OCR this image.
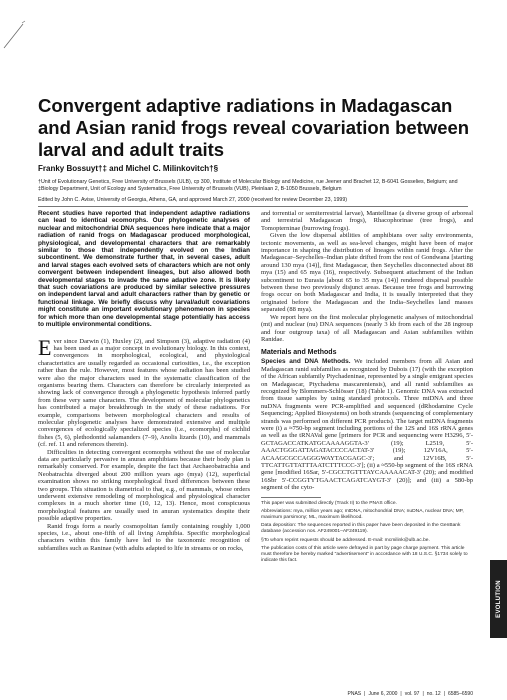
Convergent adaptive radiations in Madagascan and Asian ranid frogs reveal covariation between larval and adult traits
Franky Bossuyt†‡ and Michel C. Milinkovitch†§
†Unit of Evolutionary Genetics, Free University of Brussels (ULB), cp 300, Institute of Molecular Biology and Medicine, rue Jeener and Brachet 12, B-6041 Gosselies, Belgium; and ‡Biology Department, Unit of Ecology and Systematics, Free University of Brussels (VUB), Pleinlaan 2, B-1050 Brussels, Belgium
Edited by John C. Avise, University of Georgia, Athens, GA, and approved March 27, 2000 (received for review December 23, 1999)

Recent studies have reported that independent adaptive radiations can lead to identical ecomorphs. Our phylogenetic analyses of nuclear and mitochondrial DNA sequences here indicate that a major radiation of ranid frogs on Madagascar produced morphological, physiological, and developmental characters that are remarkably similar to those that independently evolved on the Indian subcontinent. We demonstrate further that, in several cases, adult and larval stages each evolved sets of characters which are not only convergent between independent lineages, but also allowed both developmental stages to invade the same adaptive zone. It is likely that such covariations are produced by similar selective pressures on independent larval and adult characters rather than by genetic or functional linkage. We briefly discuss why larval/adult covariations might constitute an important evolutionary phenomenon in species for which more than one developmental stage potentially has access to multiple environmental conditions.

Ever since Darwin (1), Huxley (2), and Simpson (3), adaptive radiation (4) has been used as a major concept in evolutionary biology. In this context, convergences in morphological, ecological, and physiological characteristics are usually regarded as occasional curiosities, i.e., the exception rather than the rule. However, most features whose radiation has been studied were also the major characters used in the systematic classification of the organisms bearing them. Characters can therefore be circularly interpreted as showing lack of convergence through a phylogenetic hypothesis inferred partly from these very same characters. The development of molecular phylogenetics has contributed a major breakthrough in the study of these radiations. For example, comparisons between morphological characters and results of molecular phylogenetic analyses have demonstrated extensive and multiple convergences of ecologically specialized species (i.e., ecomorphs) of cichlid fishes (5, 6), plethodontid salamanders (7–9), Anolis lizards (10), and mammals (cf. ref. 11 and references therein).

Difficulties in detecting convergent ecomorphs without the use of molecular data are particularly pervasive in anuran amphibians because their body plan is remarkably conserved. For example, despite the fact that Archaeobatrachia and Neobatrachia diverged about 200 million years ago (mya) (12), superficial examination shows no striking morphological fixed differences between these two groups. This situation is diametrical to that, e.g., of mammals, whose orders underwent extensive remodeling of morphological and physiological character complexes in a much shorter time (10, 12, 13). Hence, most conspicuous morphological features are usually used in anuran systematics despite their possible adaptive properties.

Ranid frogs form a nearly cosmopolitan family containing roughly 1,000 species, i.e., about one-fifth of all living Amphibia. Specific morphological characters within this family have led to the taxonomic recognition of subfamilies such as Raninae (with adults adapted to life in streams or on rocks,

and torrential or semiterrestrial larvae), Mantellinae (a diverse group of arboreal and terrestrial Madagascan frogs), Rhacophorinae (tree frogs), and Tomopterninae (burrowing frogs).

Given the low dispersal abilities of amphibians over salty environments, tectonic movements, as well as sea-level changes, might have been of major importance in shaping the distribution of lineages within ranid frogs. After the Madagascar–Seychelles–Indian plate drifted from the rest of Gondwana [starting around 130 mya (14)], first Madagascar, then Seychelles disconnected about 88 mya (15) and 65 mya (16), respectively. Subsequent attachment of the Indian subcontinent to Eurasia [about 65 to 35 mya (14)] rendered dispersal possible between these two previously disjunct areas. Because tree frogs and burrowing frogs occur on both Madagascar and India, it is usually interpreted that they originated before the Madagascan and the India–Seychelles land masses separated (88 mya).

We report here on the first molecular phylogenetic analyses of mitochondrial (mt) and nuclear (nu) DNA sequences (nearly 3 kb from each of the 28 ingroup and four outgroup taxa) of all Madagascan and Asian subfamilies within Ranidae.

Materials and Methods

Species and DNA Methods. We included members from all Asian and Madagascan ranid subfamilies as recognized by Dubois (17) (with the exception of the African subfamily Ptychadeninae, represented by a single emigrant species on Madagascar, Ptychadena mascareniensis), and all ranid subfamilies as recognized by Blommers-Schlösser (18) (Table 1). Genomic DNA was extracted from tissue samples by using standard protocols. Three mtDNA and three nuDNA fragments were PCR-amplified and sequenced (dRhodamine Cycle Sequencing; Applied Biosystems) on both strands (sequencing of complementary strands was performed on different PCR products). The target mtDNA fragments were (i) a ≈750-bp segment including portions of the 12S and 16S rRNA genes as well as the tRNAVal gene [primers for PCR and sequencing were H3296, 5′-GCTAGACCATKATGCAAAAGGTA-3′ (19); L2519, 5′-AAACTGGGATTAGATACCCCACTAT-3′ (19); 12V16A, 5′-ACAAGCGCCAGGGWAYTACGAGC-3′; and 12V16B, 5′-TTCATTGTTATTTAATCTTTCCC-3′]; (ii) a ≈550-bp segment of the 16S rRNA gene [modified 16Sar, 5′-CGCCTGTTTAYCAAAAACAT-3′ (20); and modified 16Sbr 5′-CCGGTYTGAACTCAGATCAYGT-3′ (20)]; and (iii) a 580-bp segment of the cyto-

This paper was submitted directly (Track II) to the PNAS office.

Abbreviations: mya, million years ago; mtDNA, mitochondrial DNA; nuDNA, nuclear DNA; MP, maximum parsimony; ML, maximum likelihood.

Data deposition: The sequences reported in this paper have been deposited in the GenBank database (accession nos. AF249001–AF249119).

§To whom reprint requests should be addressed. E-mail: mcmilink@ulb.ac.be.

The publication costs of this article were defrayed in part by page charge payment. This article must therefore be hereby marked "advertisement" in accordance with 18 U.S.C. §1734 solely to indicate this fact.

EVOLUTION
PNAS | June 6, 2000 | vol. 97 | no. 12 | 6585–6590
